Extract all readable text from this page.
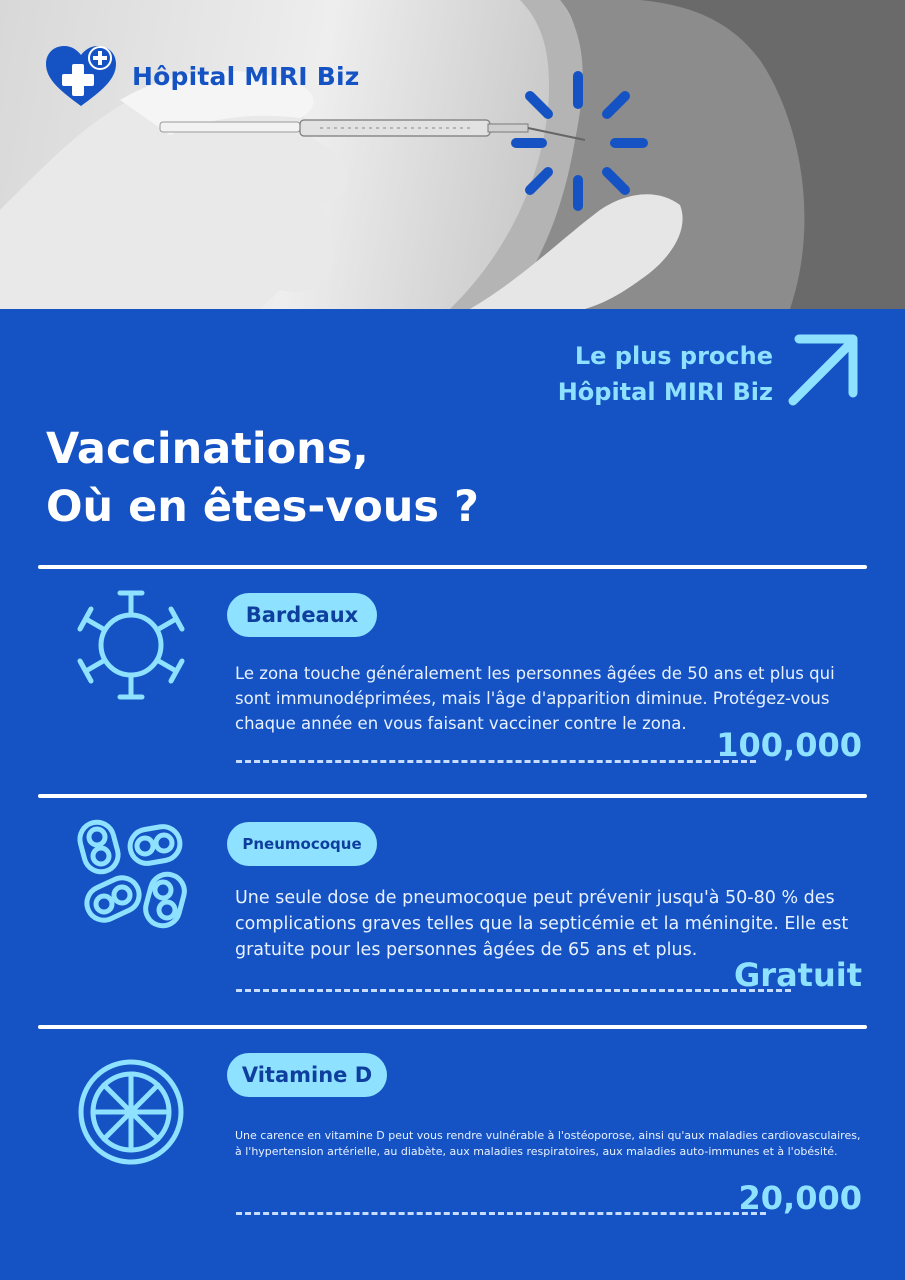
Hôpital MIRI Biz
Le plus proche
Hôpital MIRI Biz
Vaccinations,
Où en êtes-vous ?
Bardeaux
Le zona touche généralement les personnes âgées de 50 ans et plus qui sont immunodéprimées, mais l'âge d'apparition diminue. Protégez-vous chaque année en vous faisant vacciner contre le zona.
100,000
Pneumocoque
Une seule dose de pneumocoque peut prévenir jusqu'à 50-80 % des complications graves telles que la septicémie et la méningite. Elle est gratuite pour les personnes âgées de 65 ans et plus.
Gratuit
Vitamine D
Une carence en vitamine D peut vous rendre vulnérable à l'ostéoporose, ainsi qu'aux maladies cardiovasculaires, à l'hypertension artérielle, au diabète, aux maladies respiratoires, aux maladies auto-immunes et à l'obésité.
20,000
